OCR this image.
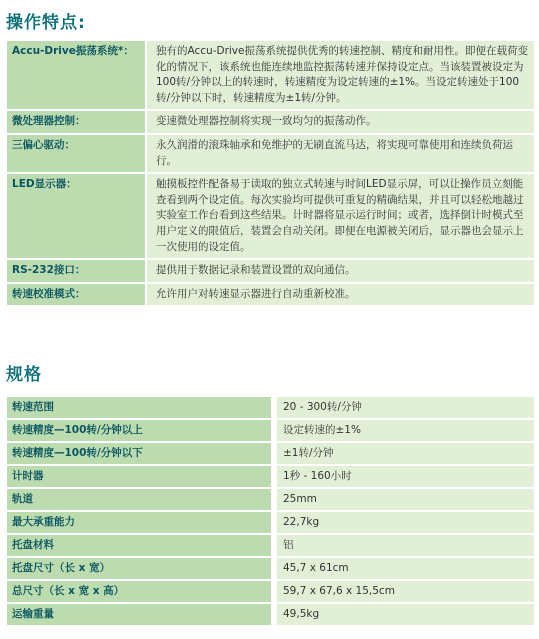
操作特点:
Accu-Drive振荡系统*：	独有的Accu-Drive振荡系统提供优秀的转速控制、精度和耐用性。即便在载荷变化的情况下，该系统也能连续地监控振荡转速并保持设定点。当该装置被设定为100转/分钟以上的转速时，转速精度为设定转速的±1%。当设定转速处于100转/分钟以下时，转速精度为±1转/分钟。
微处理器控制：	变速微处理器控制将实现一致均匀的振荡动作。
三偏心驱动：	永久润滑的滚珠轴承和免维护的无刷直流马达，将实现可靠使用和连续负荷运行。
LED显示器：	触摸板控件配备易于读取的独立式转速与时间LED显示屏，可以让操作员立刻能查看到两个设定值。每次实验均可提供可重复的精确结果，并且可以轻松地越过实验室工作台看到这些结果。计时器将显示运行时间；或者，选择倒计时模式至用户定义的限值后，装置会自动关闭。即便在电源被关闭后，显示器也会显示上一次使用的设定值。
RS-232接口：	提供用于数据记录和装置设置的双向通信。
转速校准模式：	允许用户对转速显示器进行自动重新校准。
规格
转速范围	20 - 300转/分钟
转速精度—100转/分钟以上	设定转速的±1%
转速精度—100转/分钟以下	±1转/分钟
计时器	1秒 - 160小时
轨道	25mm
最大承重能力	22,7kg
托盘材料	铝
托盘尺寸（长 x 宽）	45,7 x 61cm
总尺寸（长 x 宽 x 高）	59,7 x 67,6 x 15,5cm
运输重量	49,5kg
